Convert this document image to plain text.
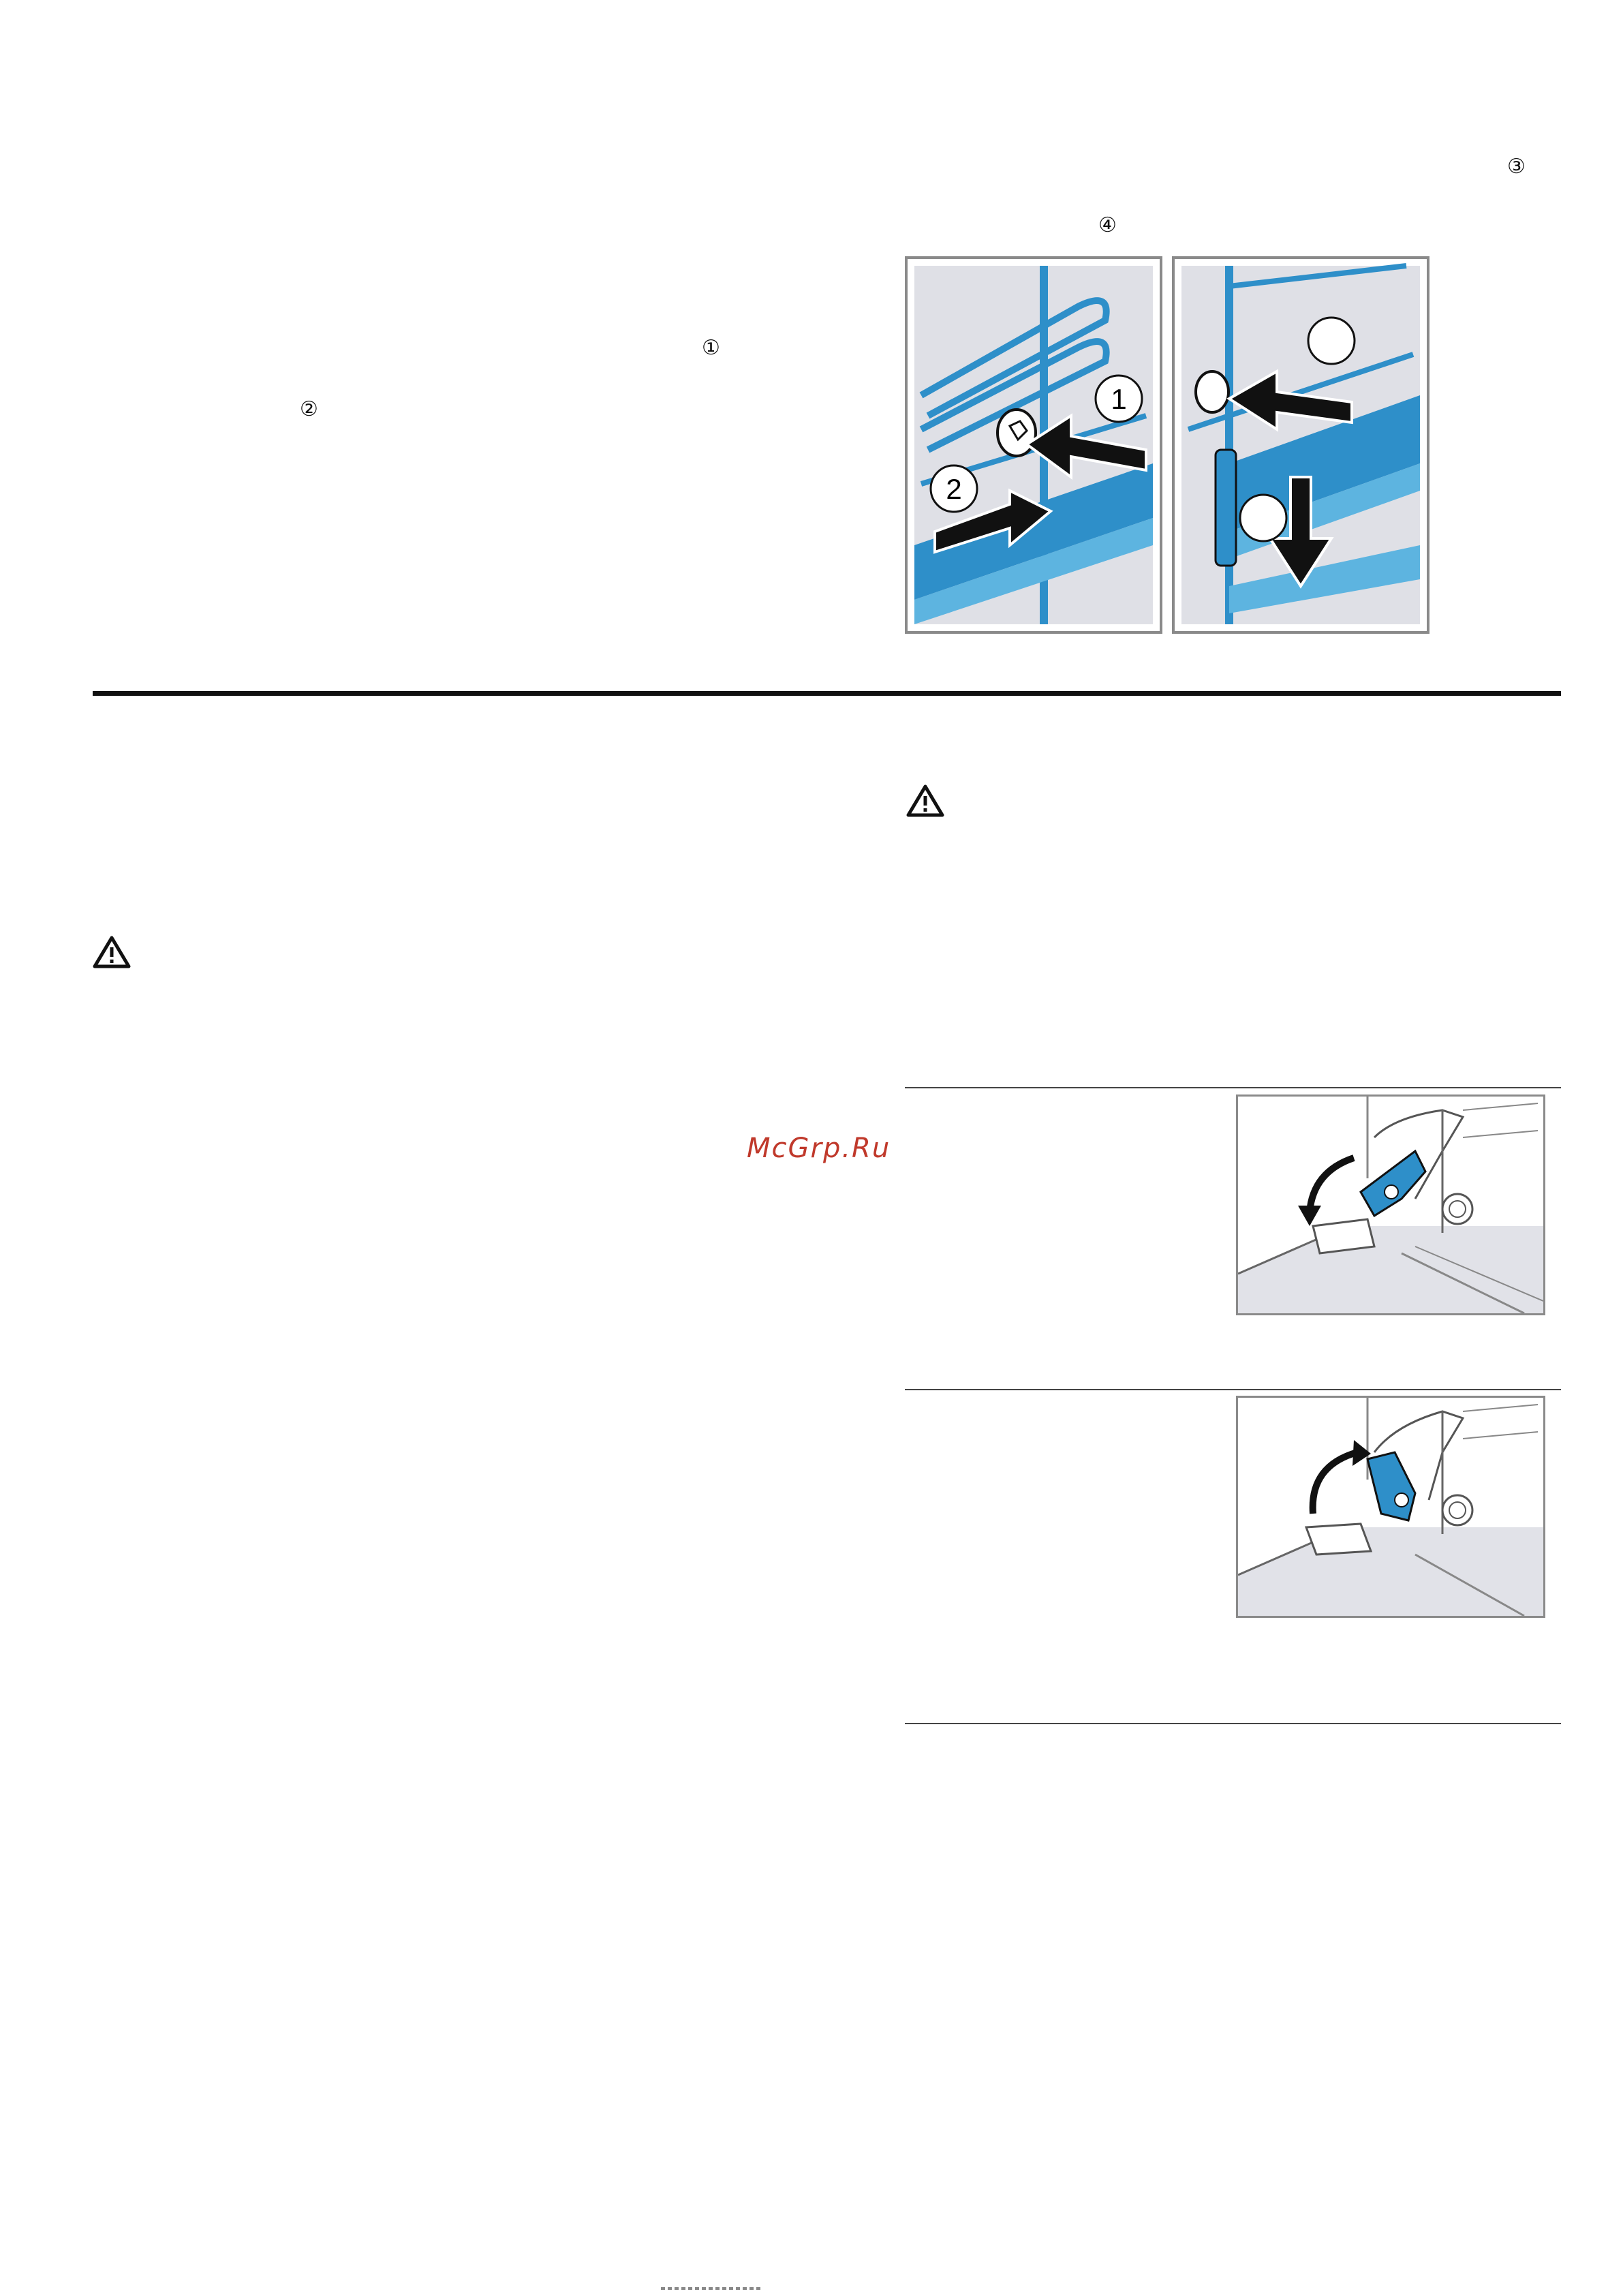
①
②
③
④
1
2
McGrp.Ru
